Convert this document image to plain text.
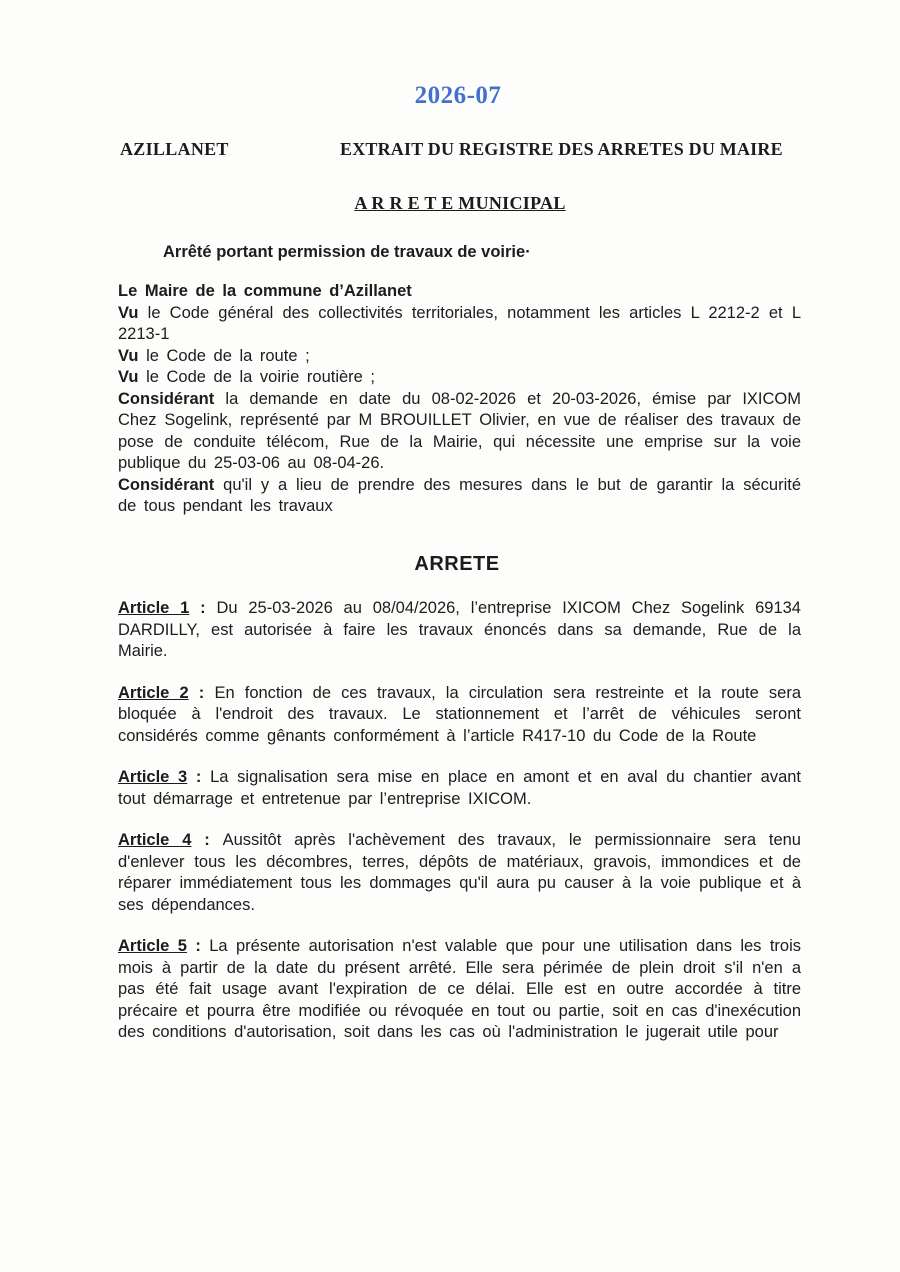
2026-07
AZILLANET	EXTRAIT DU REGISTRE DES ARRETES DU MAIRE
A R R E T E MUNICIPAL
Arrêté portant permission de travaux de voirie·

Le Maire de la commune d’Azillanet

Vu le Code général des collectivités territoriales, notamment les articles L 2212-2 et L 2213-1

Vu le Code de la route ;

Vu le Code de la voirie routière ;

Considérant la demande en date du 08-02-2026 et 20-03-2026, émise par IXICOM Chez Sogelink, représenté par M BROUILLET Olivier, en vue de réaliser des travaux de pose de conduite télécom, Rue de la Mairie, qui nécessite une emprise sur la voie publique du 25-03-06 au 08-04-26.

Considérant qu'il y a lieu de prendre des mesures dans le but de garantir la sécurité de tous pendant les travaux

ARRETE

Article 1 : Du 25-03-2026 au 08/04/2026, l’entreprise IXICOM Chez Sogelink 69134 DARDILLY, est autorisée à faire les travaux énoncés dans sa demande, Rue de la Mairie.

Article 2 : En fonction de ces travaux, la circulation sera restreinte et la route sera bloquée à l'endroit des travaux. Le stationnement et l’arrêt de véhicules seront considérés comme gênants conformément à l’article R417-10 du Code de la Route

Article 3 : La signalisation sera mise en place en amont et en aval du chantier avant tout démarrage et entretenue par l’entreprise IXICOM.

Article 4 : Aussitôt après l'achèvement des travaux, le permissionnaire sera tenu d'enlever tous les décombres, terres, dépôts de matériaux, gravois, immondices et de réparer immédiatement tous les dommages qu'il aura pu causer à la voie publique et à ses dépendances.

Article 5 : La présente autorisation n'est valable que pour une utilisation dans les trois mois à partir de la date du présent arrêté. Elle sera périmée de plein droit s'il n'en a pas été fait usage avant l'expiration de ce délai. Elle est en outre accordée à titre précaire et pourra être modifiée ou révoquée en tout ou partie, soit en cas d'inexécution des conditions d'autorisation, soit dans les cas où l'administration le jugerait utile pour
